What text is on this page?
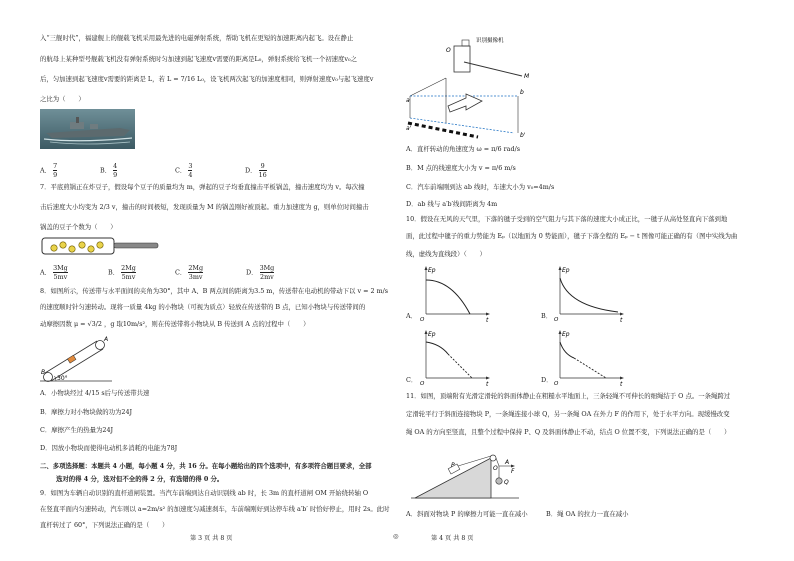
入“三舰时代”，福建舰上的舰载飞机采用最先进的电磁弹射系统，帮助飞机在更短的加速距离内起飞。设在静止
的航母上某种型号舰载飞机没有弹射系统时匀加速到起飞速度v需要的距离是L₀，弹射系统给飞机一个初速度v₀之
后，匀加速到起飞速度v需要的距离是 L，若 L = 7/16 L₀，设飞机两次起飞的加速度相同，则弹射速度v₀与起飞速度v
之比为（　　）
A． $\frac{7}{9}$	B． $\frac{4}{9}$	C． $\frac{3}{4}$	D． $\frac{9}{16}$
7．平底煎锅正在炸豆子，假设每个豆子的质量均为 m，弹起的豆子均垂直撞击平板锅盖，撞击速度均为 v。每次撞
击后速度大小均变为 2/3 v，撞击的时间极短，发现质量为 M 的锅盖刚好被顶起。重力加速度为 g，则单位时间撞击
锅盖的豆子个数为（　　）
A． $\frac{3Mg}{5mv}$	B． $\frac{2Mg}{5mv}$	C． $\frac{2Mg}{3mv}$	D． $\frac{3Mg}{2mv}$
8．如图所示，传送带与水平面间的夹角为30°，其中 A、B 两点间的距离为3.5 m，传送带在电动机的带动下以 v = 2 m/s
的速度顺时针匀速转动。现将一质量 4kg 的小物块（可视为质点）轻放在传送带的 B 点，已知小物块与传送带间的
动摩擦因数 μ = √3/2 ，g 取10m/s²，则在传送带将小物块从 B 传送到 A 点的过程中（　　）
B
A
30°
A．小物块经过 4/15 s后与传送带共速
B．摩擦力对小物块做的功为24J
C．摩擦产生的热量为24J
D．因放小物块而使得电动机多消耗的电能为78J
二、多项选择题：本题共 4 小题，每小题 4 分，共 16 分。在每小题给出的四个选项中，有多项符合题目要求，全部
选对的得 4 分，选对但不全的得 2 分，有选错的得 0 分。
9．如图为车辆自动识别的直杆道闸装置。当汽车前端到达自动识别线 ab 时，长 3m 的直杆道闸 OM 开始绕转轴 O
在竖直平面内匀速转动，汽车则以 a=2m/s² 的加速度匀减速刹车，车前端刚好到达停车线 a′b′ 时恰好停止，用时 2s。此时
直杆转过了 60°，下列说法正确的是（　　）
第 3 页 共 8 页	◎
识别摄像机
O
M
a
b
a'
b'
A．直杆转动的角速度为 ω = π/6 rad/s
B．M 点的线速度大小为 v = π/6 m/s
C．汽车前端刚到达 ab 线时，车速大小为 v₀=4m/s
D．ab 线与 a′b′线间距离为 4m
10．假设在无风的天气里，下落的毽子受到的空气阻力与其下落的速度大小成正比，一毽子从高处竖直向下落到地
面，此过程中毽子的重力势能为 Eₚ（以地面为 0 势能面），毽子下落全程的 Eₚ − t 图像可能正确的有（图中实线为曲
线，虚线为直线段）（　　）
A．
Ep
t
O	B．
Ep
t
O
C．
Ep
t
O	D．
Ep
t
O
11．如图，顶端附有光滑定滑轮的斜面体静止在粗糙水平地面上，三条轻绳不可伸长的细绳结于 O 点。一条绳跨过
定滑轮平行于斜面连接物块 P，一条绳连接小球 Q，另一条绳 OA 在外力 F 的作用下，处于水平方向。现缓慢改变
绳 OA 的方向至竖直，且整个过程中保持 P、Q 及斜面体静止不动，结点 O 位置不变，下列说法正确的是（　　）
P	O
A
F
Q
A．斜面对物块 P 的摩擦力可能一直在减小	B．绳 OA 的拉力一直在减小
第 4 页 共 8 页
